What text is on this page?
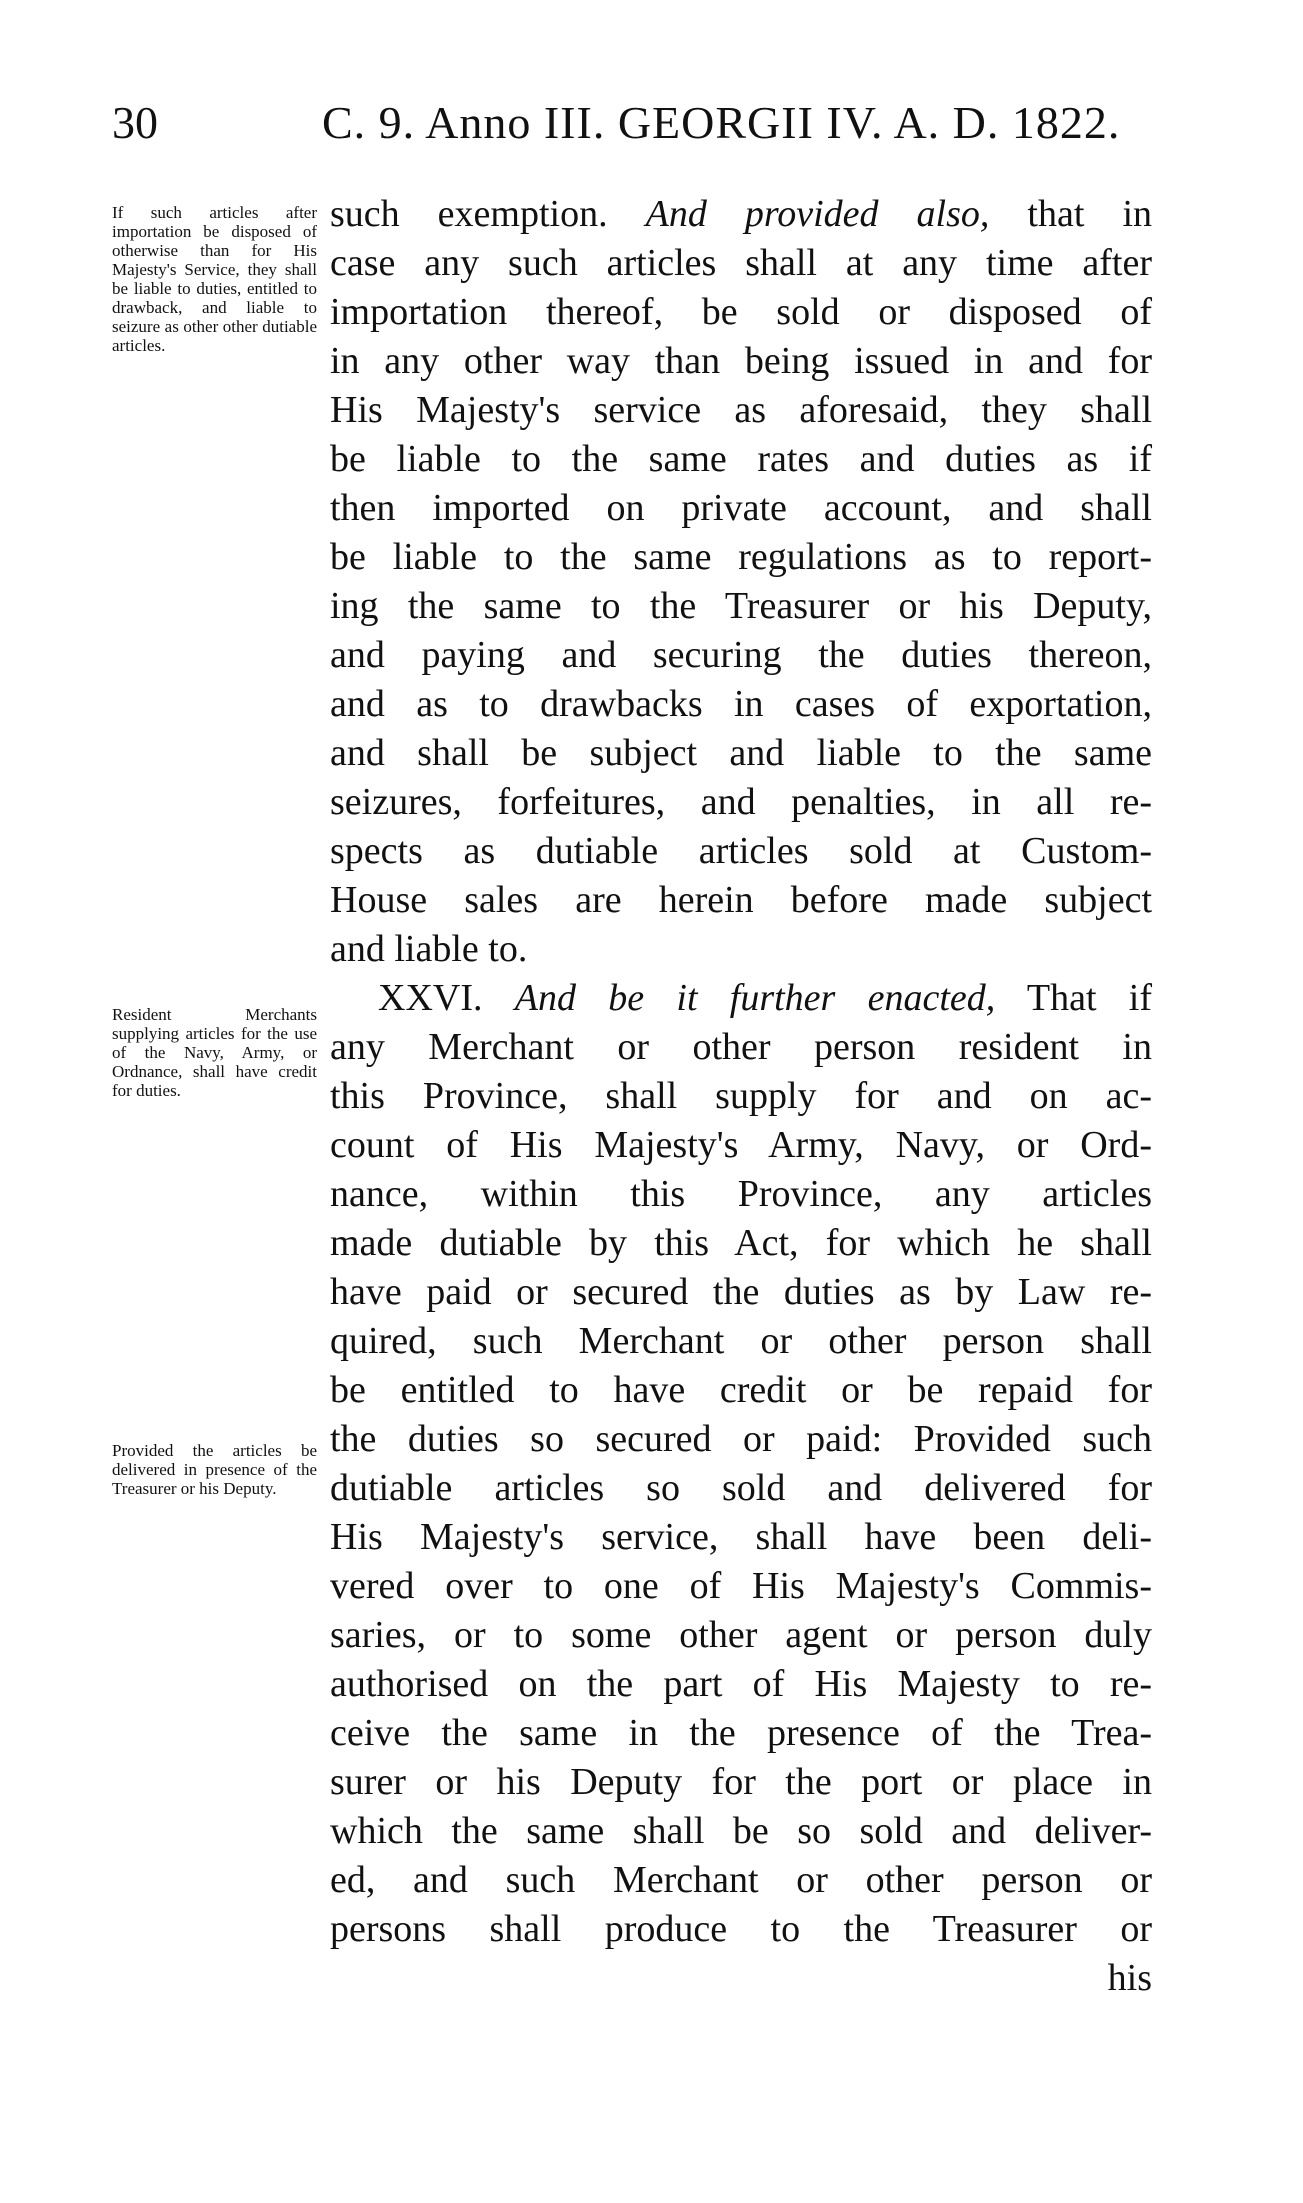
30	C. 9. Anno III. GEORGII IV. A. D. 1822.
If such articles after importation be disposed of otherwise than for His Majesty's Service, they shall be liable to duties, entitled to drawback, and liable to seizure as other other dutiable articles.
Resident Merchants supplying articles for the use of the Navy, Army, or Ordnance, shall have credit for duties.
Provided the articles be delivered in presence of the Treasurer or his Deputy.
such exemption. And provided also, that in
case any such articles shall at any time after
importation thereof, be sold or disposed of
in any other way than being issued in and for
His Majesty's service as aforesaid, they shall
be liable to the same rates and duties as if
then imported on private account, and shall
be liable to the same regulations as to report-
ing the same to the Treasurer or his Deputy,
and paying and securing the duties thereon,
and as to drawbacks in cases of exportation,
and shall be subject and liable to the same
seizures, forfeitures, and penalties, in all re-
spects as dutiable articles sold at Custom-
House sales are herein before made subject
and liable to.
XXVI. And be it further enacted, That if
any Merchant or other person resident in
this Province, shall supply for and on ac-
count of His Majesty's Army, Navy, or Ord-
nance, within this Province, any articles
made dutiable by this Act, for which he shall
have paid or secured the duties as by Law re-
quired, such Merchant or other person shall
be entitled to have credit or be repaid for
the duties so secured or paid: Provided such
dutiable articles so sold and delivered for
His Majesty's service, shall have been deli-
vered over to one of His Majesty's Commis-
saries, or to some other agent or person duly
authorised on the part of His Majesty to re-
ceive the same in the presence of the Trea-
surer or his Deputy for the port or place in
which the same shall be so sold and deliver-
ed, and such Merchant or other person or
persons shall produce to the Treasurer or
his
